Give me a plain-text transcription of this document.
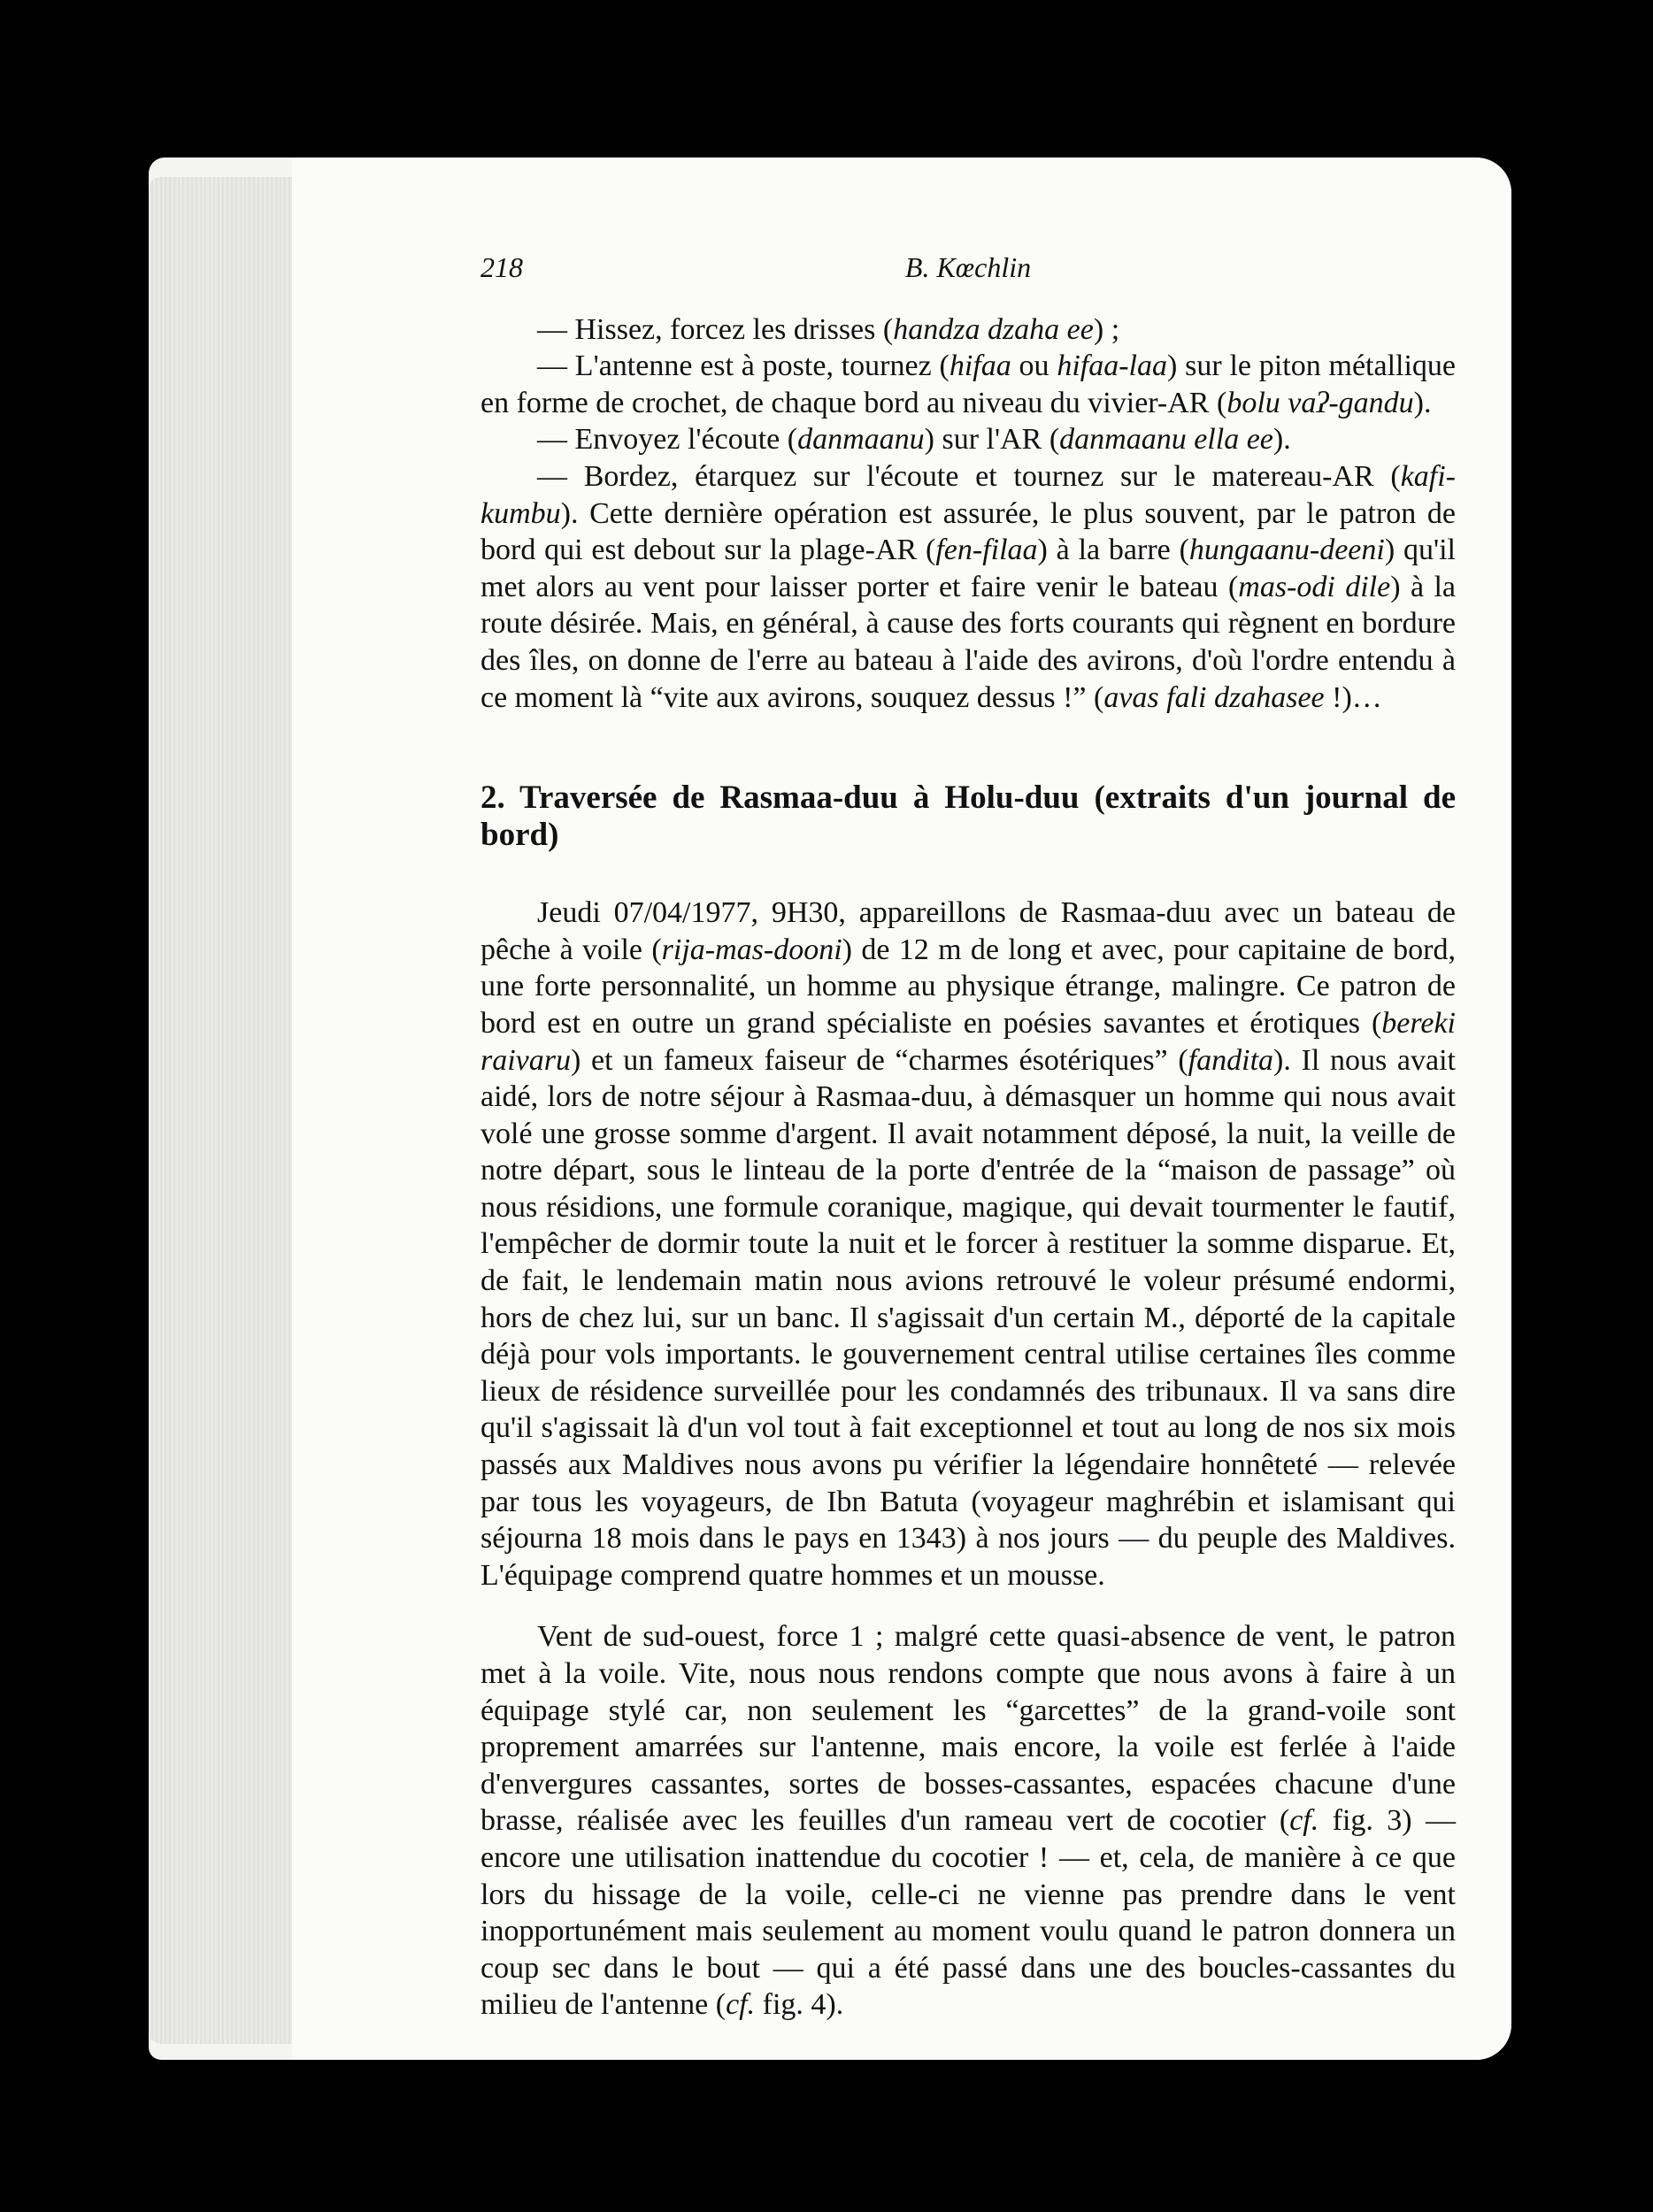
218	B. Kœchlin

— Hissez, forcez les drisses (handza dzaha ee) ;

— L'antenne est à poste, tournez (hifaa ou hifaa-laa) sur le piton métallique en forme de crochet, de chaque bord au niveau du vivier-AR (bolu vaʔ-gandu).

— Envoyez l'écoute (danmaanu) sur l'AR (danmaanu ella ee).

— Bordez, étarquez sur l'écoute et tournez sur le matereau-AR (kafi-kumbu). Cette dernière opération est assurée, le plus souvent, par le patron de bord qui est debout sur la plage-AR (fen-filaa) à la barre (hungaanu-deeni) qu'il met alors au vent pour laisser porter et faire venir le bateau (mas-odi dile) à la route désirée. Mais, en général, à cause des forts courants qui règnent en bordure des îles, on donne de l'erre au bateau à l'aide des avirons, d'où l'ordre entendu à ce moment là “vite aux avirons, souquez dessus !” (avas fali dzahasee !)…

2. Traversée de Rasmaa-duu à Holu-duu (extraits d'un journal de bord)

Jeudi 07/04/1977, 9H30, appareillons de Rasmaa-duu avec un bateau de pêche à voile (rija-mas-dooni) de 12 m de long et avec, pour capitaine de bord, une forte personnalité, un homme au physique étrange, malingre. Ce patron de bord est en outre un grand spécialiste en poésies savantes et érotiques (bereki raivaru) et un fameux faiseur de “charmes ésotériques” (fandita). Il nous avait aidé, lors de notre séjour à Rasmaa-duu, à démasquer un homme qui nous avait volé une grosse somme d'argent. Il avait notamment déposé, la nuit, la veille de notre départ, sous le linteau de la porte d'entrée de la “maison de passage” où nous résidions, une formule coranique, magique, qui devait tourmenter le fautif, l'empêcher de dormir toute la nuit et le forcer à restituer la somme disparue. Et, de fait, le lendemain matin nous avions retrouvé le voleur présumé endormi, hors de chez lui, sur un banc. Il s'agissait d'un certain M., déporté de la capitale déjà pour vols importants. le gouvernement central utilise certaines îles comme lieux de résidence surveillée pour les condamnés des tribunaux. Il va sans dire qu'il s'agissait là d'un vol tout à fait exceptionnel et tout au long de nos six mois passés aux Maldives nous avons pu vérifier la légendaire honnêteté — relevée par tous les voyageurs, de Ibn Batuta (voyageur maghrébin et islamisant qui séjourna 18 mois dans le pays en 1343) à nos jours — du peuple des Maldives. L'équipage comprend quatre hommes et un mousse.

Vent de sud-ouest, force 1 ; malgré cette quasi-absence de vent, le patron met à la voile. Vite, nous nous rendons compte que nous avons à faire à un équipage stylé car, non seulement les “garcettes” de la grand-voile sont proprement amarrées sur l'antenne, mais encore, la voile est ferlée à l'aide d'envergures cassantes, sortes de bosses-cassantes, espacées chacune d'une brasse, réalisée avec les feuilles d'un rameau vert de cocotier (cf. fig. 3) — encore une utilisation inattendue du cocotier ! — et, cela, de manière à ce que lors du hissage de la voile, celle-ci ne vienne pas prendre dans le vent inopportunément mais seulement au moment voulu quand le patron donnera un coup sec dans le bout — qui a été passé dans une des boucles-cassantes du milieu de l'antenne (cf. fig. 4).
